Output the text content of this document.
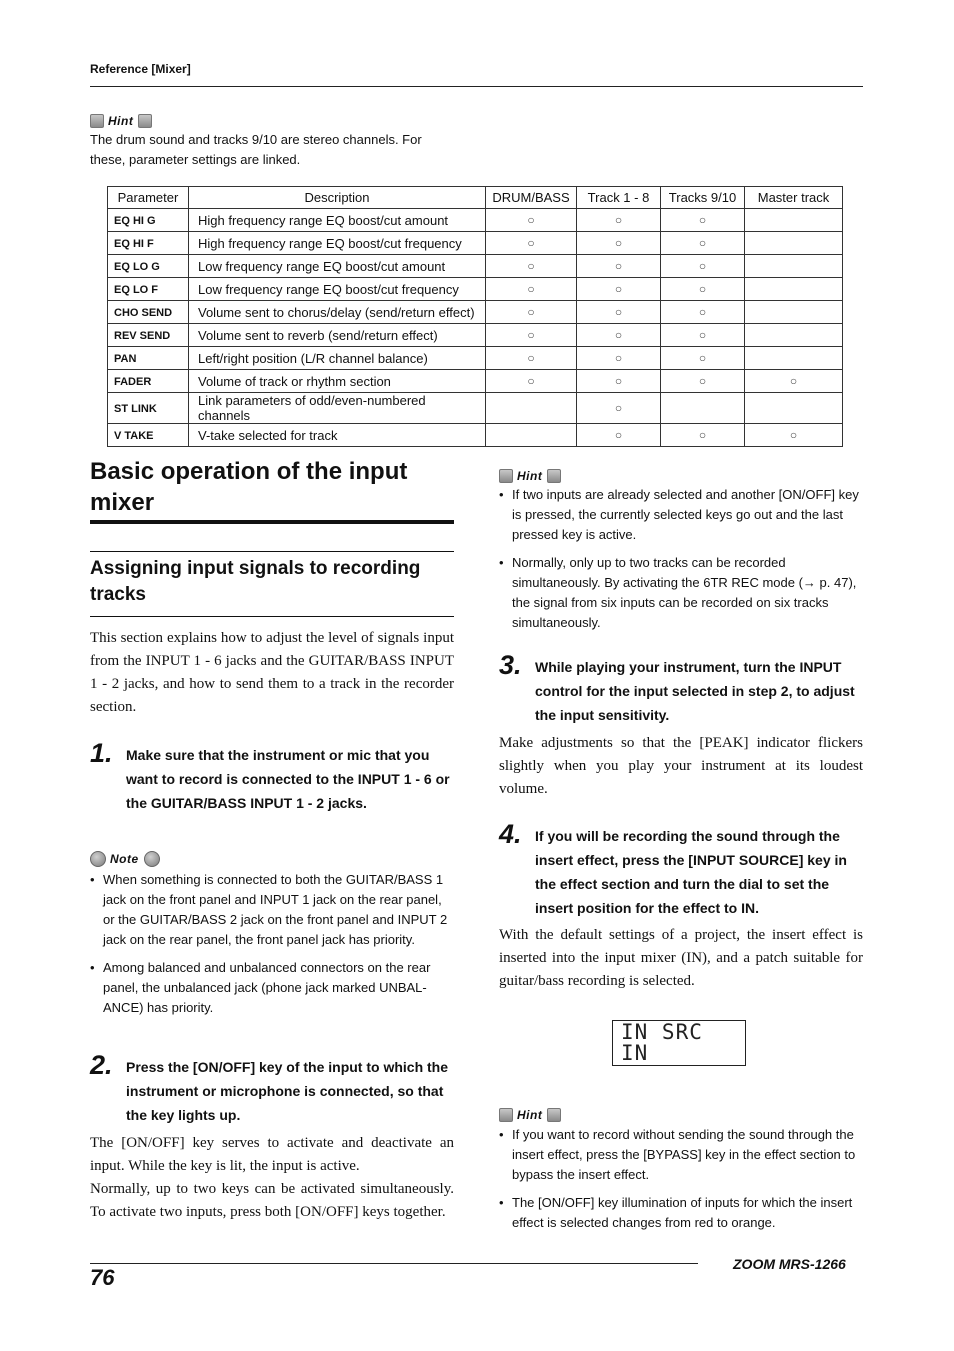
Reference [Mixer]
Hint
The drum sound and tracks 9/10 are stereo channels. For
these, parameter settings are linked.
Parameter	Description	DRUM/BASS	Track 1 - 8	Tracks 9/10	Master track
EQ HI G	High frequency range EQ boost/cut amount	○	○	○	
EQ HI F	High frequency range EQ boost/cut frequency	○	○	○	
EQ LO G	Low frequency range EQ boost/cut amount	○	○	○	
EQ LO F	Low frequency range EQ boost/cut frequency	○	○	○	
CHO SEND	Volume sent to chorus/delay (send/return effect)	○	○	○	
REV SEND	Volume sent to reverb (send/return effect)	○	○	○	
PAN	Left/right position (L/R channel balance)	○	○	○	
FADER	Volume of track or rhythm section	○	○	○	○
ST LINK	Link parameters of odd/even-numbered channels		○		
V TAKE	V-take selected for track		○	○	○
Basic operation of the input
mixer
Assigning input signals to recording
tracks
This section explains how to adjust the level of signals input from the INPUT 1 - 6 jacks and the GUITAR/BASS INPUT 1 - 2 jacks, and how to send them to a track in the recorder section.
1. Make sure that the instrument or mic that you want to record is connected to the INPUT 1 - 6 or the GUITAR/BASS INPUT 1 - 2 jacks.
Note
• When something is connected to both the GUITAR/BASS 1 jack on the front panel and INPUT 1 jack on the rear panel, or the GUITAR/BASS 2 jack on the front panel and INPUT 2 jack on the rear panel, the front panel jack has priority.
• Among balanced and unbalanced connectors on the rear panel, the unbalanced jack (phone jack marked UNBAL-ANCE) has priority.
2. Press the [ON/OFF] key of the input to which the instrument or microphone is connected, so that the key lights up.
The [ON/OFF] key serves to activate and deactivate an input. While the key is lit, the input is active.
Normally, up to two keys can be activated simultaneously. To activate two inputs, press both [ON/OFF] keys together.
Hint
• If two inputs are already selected and another [ON/OFF] key is pressed, the currently selected keys go out and the last pressed key is active.
• Normally, only up to two tracks can be recorded simultaneously. By activating the 6TR REC mode (→ p. 47), the signal from six inputs can be recorded on six tracks simultaneously.
3. While playing your instrument, turn the INPUT control for the input selected in step 2, to adjust the input sensitivity.
Make adjustments so that the [PEAK] indicator flickers slightly when you play your instrument at its loudest volume.
4. If you will be recording the sound through the insert effect, press the [INPUT SOURCE] key in the effect section and turn the dial to set the insert position for the effect to IN.
With the default settings of a project, the insert effect is inserted into the input mixer (IN), and a patch suitable for guitar/bass recording is selected.
IN SRC
IN
Hint
• If you want to record without sending the sound through the insert effect, press the [BYPASS] key in the effect section to bypass the insert effect.
• The [ON/OFF] key illumination of inputs for which the insert effect is selected changes from red to orange.
76
ZOOM MRS-1266
